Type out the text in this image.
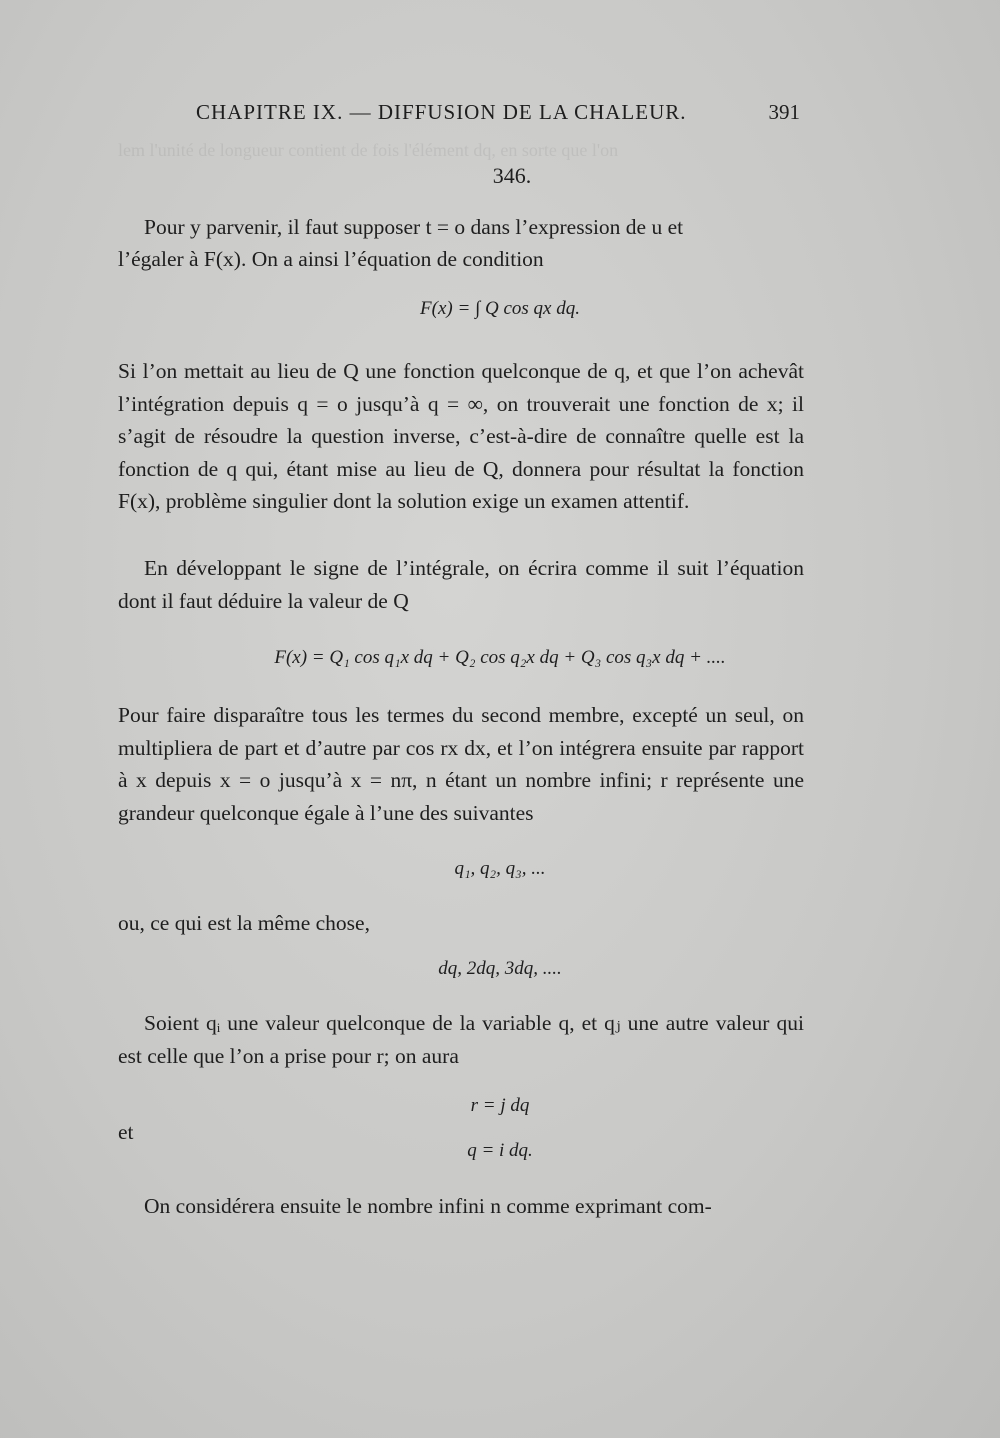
lem l'unité de longueur contient de fois l'élément dq, en sorte que l'on
CHAPITRE IX. — DIFFUSION DE LA CHALEUR.	391
346.

Pour y parvenir, il faut supposer t = o dans l’expression de u et

l’égaler à F(x). On a ainsi l’équation de condition

F(x) = ∫ Q cos qx dq.

Si l’on mettait au lieu de Q une fonction quelconque de q, et que l’on achevât l’intégration depuis q = o jusqu’à q = ∞, on trouverait une fonction de x; il s’agit de résoudre la question inverse, c’est-à-dire de connaître quelle est la fonction de q qui, étant mise au lieu de Q, donnera pour résultat la fonction F(x), problème singulier dont la solution exige un examen attentif.

En développant le signe de l’intégrale, on écrira comme il suit l’équation dont il faut déduire la valeur de Q

F(x) = Q₁ cos q₁x dq + Q₂ cos q₂x dq + Q₃ cos q₃x dq + ....

Pour faire disparaître tous les termes du second membre, excepté un seul, on multipliera de part et d’autre par cos rx dx, et l’on intégrera ensuite par rapport à x depuis x = o jusqu’à x = nπ, n étant un nombre infini; r représente une grandeur quelconque égale à l’une des suivantes

q₁, q₂, q₃, ...

ou, ce qui est la même chose,

dq, 2dq, 3dq, ....

Soient qᵢ une valeur quelconque de la variable q, et qⱼ une autre valeur qui est celle que l’on a prise pour r; on aura

r = j dq
et
q = i dq.

On considérera ensuite le nombre infini n comme exprimant com-
